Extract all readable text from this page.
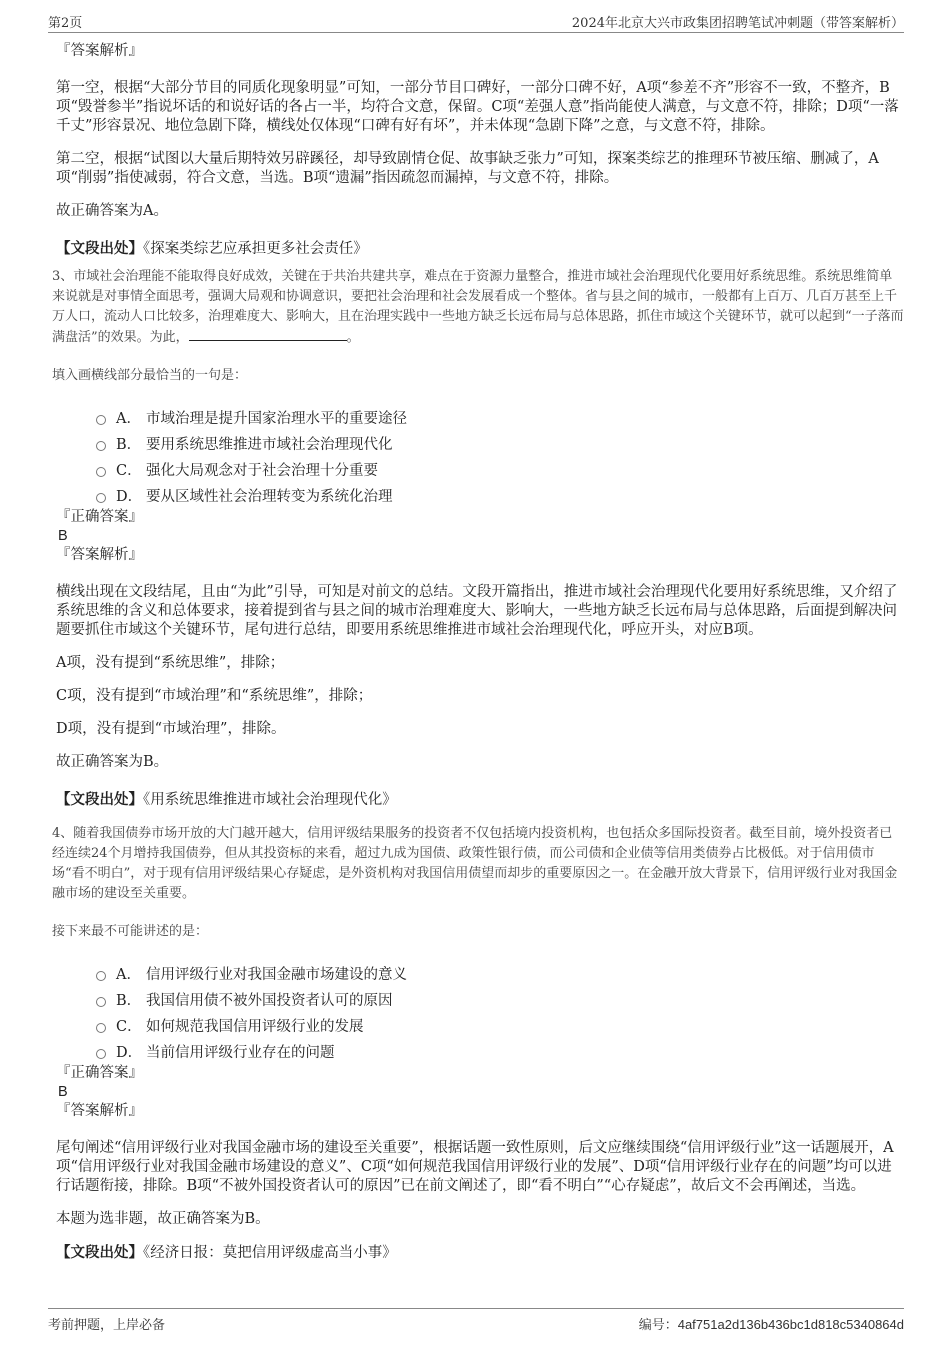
第2页	2024年北京大兴市政集团招聘笔试冲刺题（带答案解析）

『答案解析』

第一空，根据“大部分节目的同质化现象明显”可知，一部分节目口碑好，一部分口碑不好，A项“参差不齐”形容不一致，不整齐，B项“毁誉参半”指说坏话的和说好话的各占一半，均符合文意，保留。C项“差强人意”指尚能使人满意，与文意不符，排除；D项“一落千丈”形容景况、地位急剧下降，横线处仅体现“口碑有好有坏”，并未体现“急剧下降”之意，与文意不符，排除。

第二空，根据“试图以大量后期特效另辟蹊径，却导致剧情仓促、故事缺乏张力”可知，探案类综艺的推理环节被压缩、删减了，A项“削弱”指使减弱，符合文意，当选。B项“遗漏”指因疏忽而漏掉，与文意不符，排除。

故正确答案为A。

【文段出处】《探案类综艺应承担更多社会责任》

3、市域社会治理能不能取得良好成效，关键在于共治共建共享，难点在于资源力量整合，推进市域社会治理现代化要用好系统思维。系统思维简单来说就是对事情全面思考，强调大局观和协调意识，要把社会治理和社会发展看成一个整体。省与县之间的城市，一般都有上百万、几百万甚至上千万人口，流动人口比较多，治理难度大、影响大，且在治理实践中一些地方缺乏长远布局与总体思路，抓住市域这个关键环节，就可以起到“一子落而满盘活”的效果。为此，	。

填入画横线部分最恰当的一句是：

A． 市域治理是提升国家治理水平的重要途径
B． 要用系统思维推进市域社会治理现代化
C． 强化大局观念对于社会治理十分重要
D． 要从区域性社会治理转变为系统化治理

『正确答案』

B

『答案解析』

横线出现在文段结尾，且由“为此”引导，可知是对前文的总结。文段开篇指出，推进市域社会治理现代化要用好系统思维，又介绍了系统思维的含义和总体要求，接着提到省与县之间的城市治理难度大、影响大，一些地方缺乏长远布局与总体思路，后面提到解决问题要抓住市域这个关键环节，尾句进行总结，即要用系统思维推进市域社会治理现代化，呼应开头，对应B项。

A项，没有提到“系统思维”，排除；

C项，没有提到“市域治理”和“系统思维”，排除；

D项，没有提到“市域治理”，排除。

故正确答案为B。

【文段出处】《用系统思维推进市域社会治理现代化》

4、随着我国债券市场开放的大门越开越大，信用评级结果服务的投资者不仅包括境内投资机构，也包括众多国际投资者。截至目前，境外投资者已经连续24个月增持我国债券，但从其投资标的来看，超过九成为国债、政策性银行债，而公司债和企业债等信用类债券占比极低。对于信用债市场“看不明白”，对于现有信用评级结果心存疑虑，是外资机构对我国信用债望而却步的重要原因之一。在金融开放大背景下，信用评级行业对我国金融市场的建设至关重要。

接下来最不可能讲述的是：

A． 信用评级行业对我国金融市场建设的意义
B． 我国信用债不被外国投资者认可的原因
C． 如何规范我国信用评级行业的发展
D． 当前信用评级行业存在的问题

『正确答案』

B

『答案解析』

尾句阐述“信用评级行业对我国金融市场的建设至关重要”，根据话题一致性原则，后文应继续围绕“信用评级行业”这一话题展开，A项“信用评级行业对我国金融市场建设的意义”、C项“如何规范我国信用评级行业的发展”、D项“信用评级行业存在的问题”均可以进行话题衔接，排除。B项“不被外国投资者认可的原因”已在前文阐述了，即“看不明白”“心存疑虑”，故后文不会再阐述，当选。

本题为选非题，故正确答案为B。

【文段出处】《经济日报：莫把信用评级虚高当小事》

考前押题，上岸必备	编号：4af751a2d136b436bc1d818c5340864d
